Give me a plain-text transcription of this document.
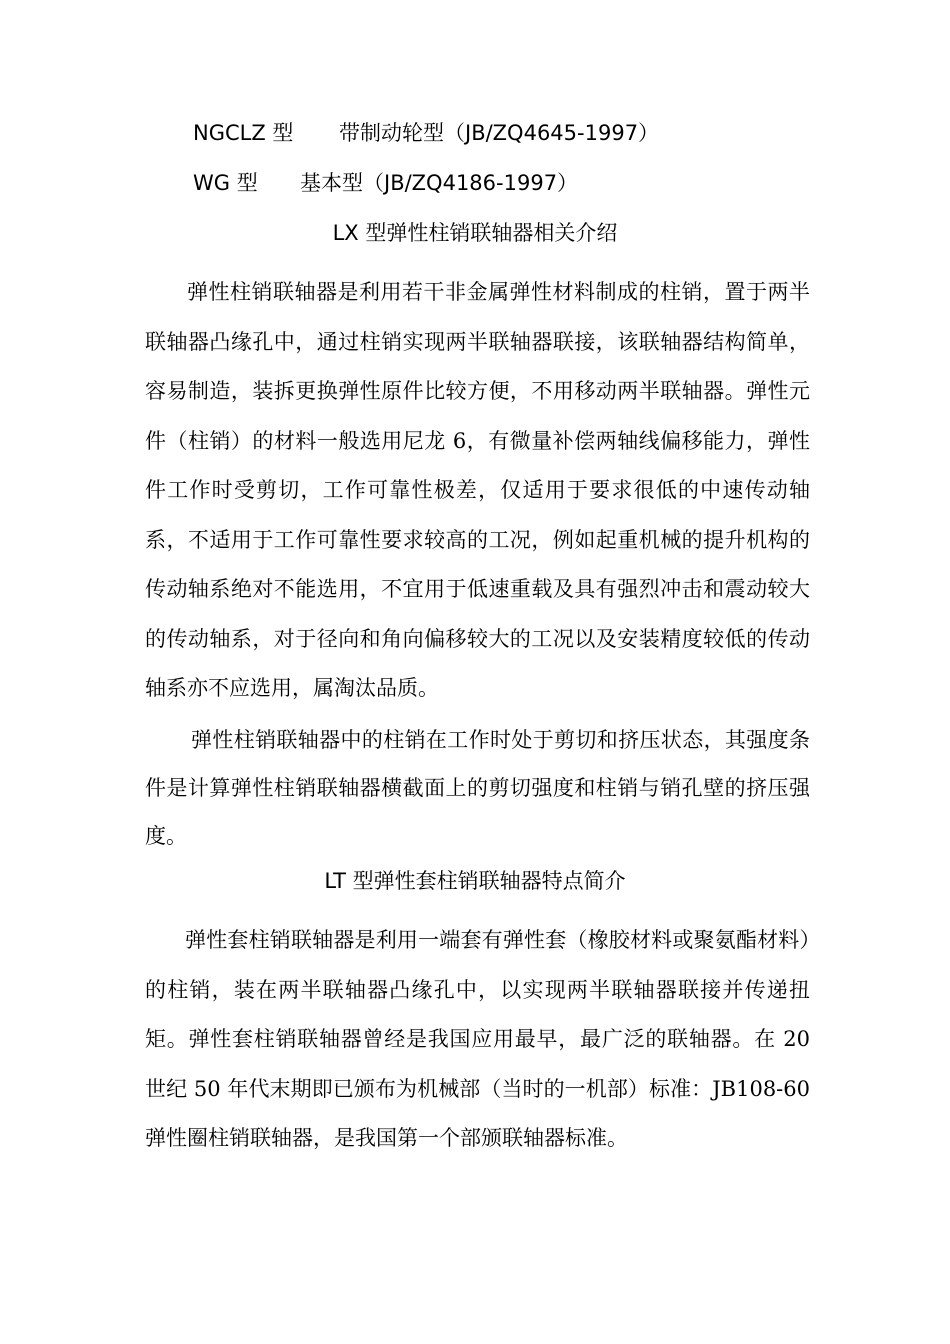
NGCLZ 型 带制动轮型（JB/ZQ4645-1997）
WG 型 基本型（JB/ZQ4186-1997）
LX 型弹性柱销联轴器相关介绍

弹性柱销联轴器是利用若干非金属弹性材料制成的柱销，置于两半联轴器凸缘孔中，通过柱销实现两半联轴器联接，该联轴器结构简单，容易制造，装拆更换弹性原件比较方便，不用移动两半联轴器。弹性元件（柱销）的材料一般选用尼龙 6，有微量补偿两轴线偏移能力，弹性件工作时受剪切，工作可靠性极差，仅适用于要求很低的中速传动轴系，不适用于工作可靠性要求较高的工况，例如起重机械的提升机构的传动轴系绝对不能选用，不宜用于低速重载及具有强烈冲击和震动较大的传动轴系，对于径向和角向偏移较大的工况以及安装精度较低的传动轴系亦不应选用，属淘汰品质。

弹性柱销联轴器中的柱销在工作时处于剪切和挤压状态，其强度条件是计算弹性柱销联轴器横截面上的剪切强度和柱销与销孔壁的挤压强度。

LT 型弹性套柱销联轴器特点简介

弹性套柱销联轴器是利用一端套有弹性套（橡胶材料或聚氨酯材料）的柱销，装在两半联轴器凸缘孔中，以实现两半联轴器联接并传递扭矩。弹性套柱销联轴器曾经是我国应用最早，最广泛的联轴器。在 20 世纪 50 年代末期即已颁布为机械部（当时的一机部）标准：JB108-60 弹性圈柱销联轴器，是我国第一个部颁联轴器标准。
